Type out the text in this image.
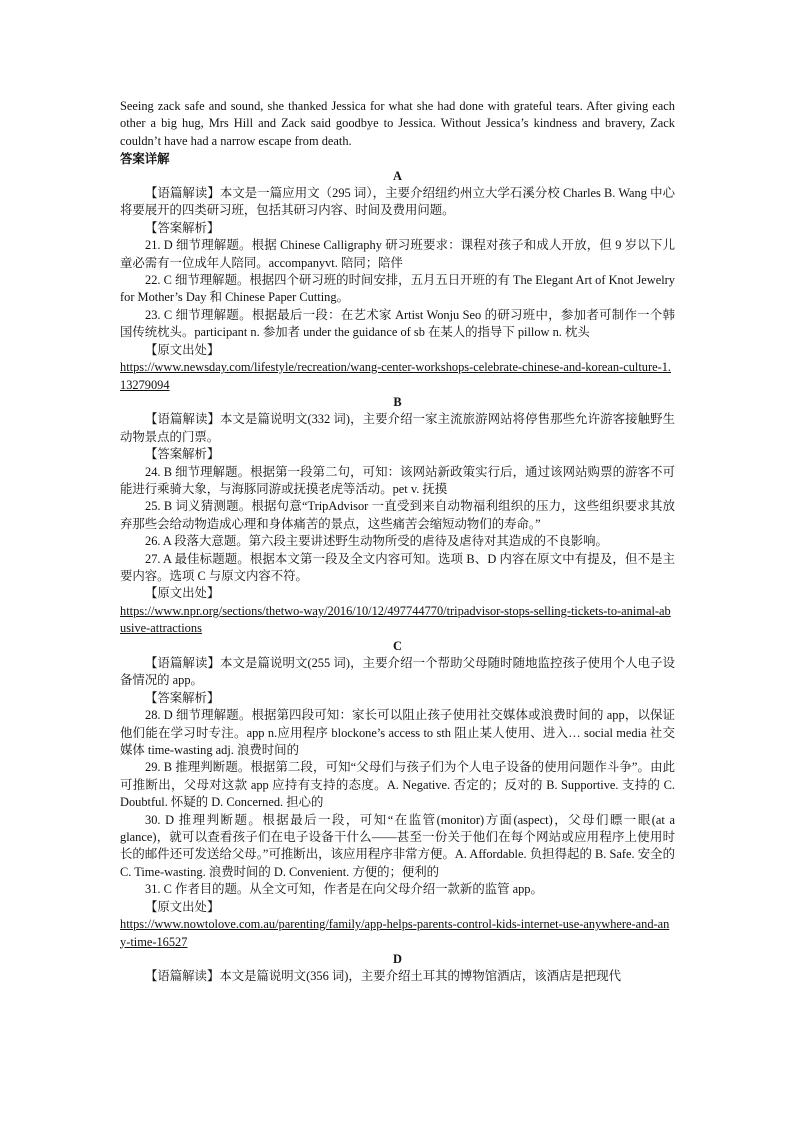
Seeing zack safe and sound, she thanked Jessica for what she had done with grateful tears. After giving each other a big hug, Mrs Hill and Zack said goodbye to Jessica. Without Jessica’s kindness and bravery, Zack couldn’t have had a narrow escape from death.

答案详解

A

【语篇解读】本文是一篇应用文（295 词），主要介绍纽约州立大学石溪分校 Charles B. Wang 中心将要展开的四类研习班，包括其研习内容、时间及费用问题。

【答案解析】

21. D 细节理解题。根据 Chinese Calligraphy 研习班要求：课程对孩子和成人开放，但 9 岁以下儿童必需有一位成年人陪同。accompanyvt. 陪同；陪伴

22. C 细节理解题。根据四个研习班的时间安排，五月五日开班的有 The Elegant Art of Knot Jewelry for Mother’s Day 和 Chinese Paper Cutting。

23. C 细节理解题。根据最后一段：在艺术家 Artist Wonju Seo 的研习班中，参加者可制作一个韩国传统枕头。participant n. 参加者 under the guidance of sb 在某人的指导下 pillow n. 枕头

【原文出处】

https://www.newsday.com/lifestyle/recreation/wang-center-workshops-celebrate-chinese-and-korean-culture-1.13279094

B

【语篇解读】本文是篇说明文(332 词)，主要介绍一家主流旅游网站将停售那些允许游客接触野生动物景点的门票。

【答案解析】

24. B 细节理解题。根据第一段第二句，可知：该网站新政策实行后，通过该网站购票的游客不可能进行乘骑大象，与海豚同游或抚摸老虎等活动。pet v. 抚摸

25. B 词义猜测题。根据句意“TripAdvisor 一直受到来自动物福利组织的压力，这些组织要求其放弃那些会给动物造成心理和身体痛苦的景点，这些痛苦会缩短动物们的寿命。”

26. A 段落大意题。第六段主要讲述野生动物所受的虐待及虐待对其造成的不良影响。

27. A 最佳标题题。根据本文第一段及全文内容可知。选项 B、D 内容在原文中有提及，但不是主要内容。选项 C 与原文内容不符。

【原文出处】

https://www.npr.org/sections/thetwo-way/2016/10/12/497744770/tripadvisor-stops-selling-tickets-to-animal-abusive-attractions

C

【语篇解读】本文是篇说明文(255 词)，主要介绍一个帮助父母随时随地监控孩子使用个人电子设备情况的 app。

【答案解析】

28. D 细节理解题。根据第四段可知：家长可以阻止孩子使用社交媒体或浪费时间的 app，以保证他们能在学习时专注。app n.应用程序 blockone’s access to sth 阻止某人使用、进入… social media 社交媒体 time-wasting adj. 浪费时间的

29. B 推理判断题。根据第二段，可知“父母们与孩子们为个人电子设备的使用问题作斗争”。由此可推断出，父母对这款 app 应持有支持的态度。A. Negative. 否定的；反对的 B. Supportive. 支持的 C. Doubtful. 怀疑的 D. Concerned. 担心的

30. D 推理判断题。根据最后一段，可知“在监管(monitor)方面(aspect)，父母们瞟一眼(at a glance)，就可以查看孩子们在电子设备干什么——甚至一份关于他们在每个网站或应用程序上使用时长的邮件还可发送给父母。”可推断出，该应用程序非常方便。A. Affordable. 负担得起的 B. Safe. 安全的 C. Time-wasting. 浪费时间的 D. Convenient. 方便的；便利的

31. C 作者目的题。从全文可知，作者是在向父母介绍一款新的监管 app。

【原文出处】

https://www.nowtolove.com.au/parenting/family/app-helps-parents-control-kids-internet-use-anywhere-and-any-time-16527

D

【语篇解读】本文是篇说明文(356 词)，主要介绍土耳其的博物馆酒店，该酒店是把现代
